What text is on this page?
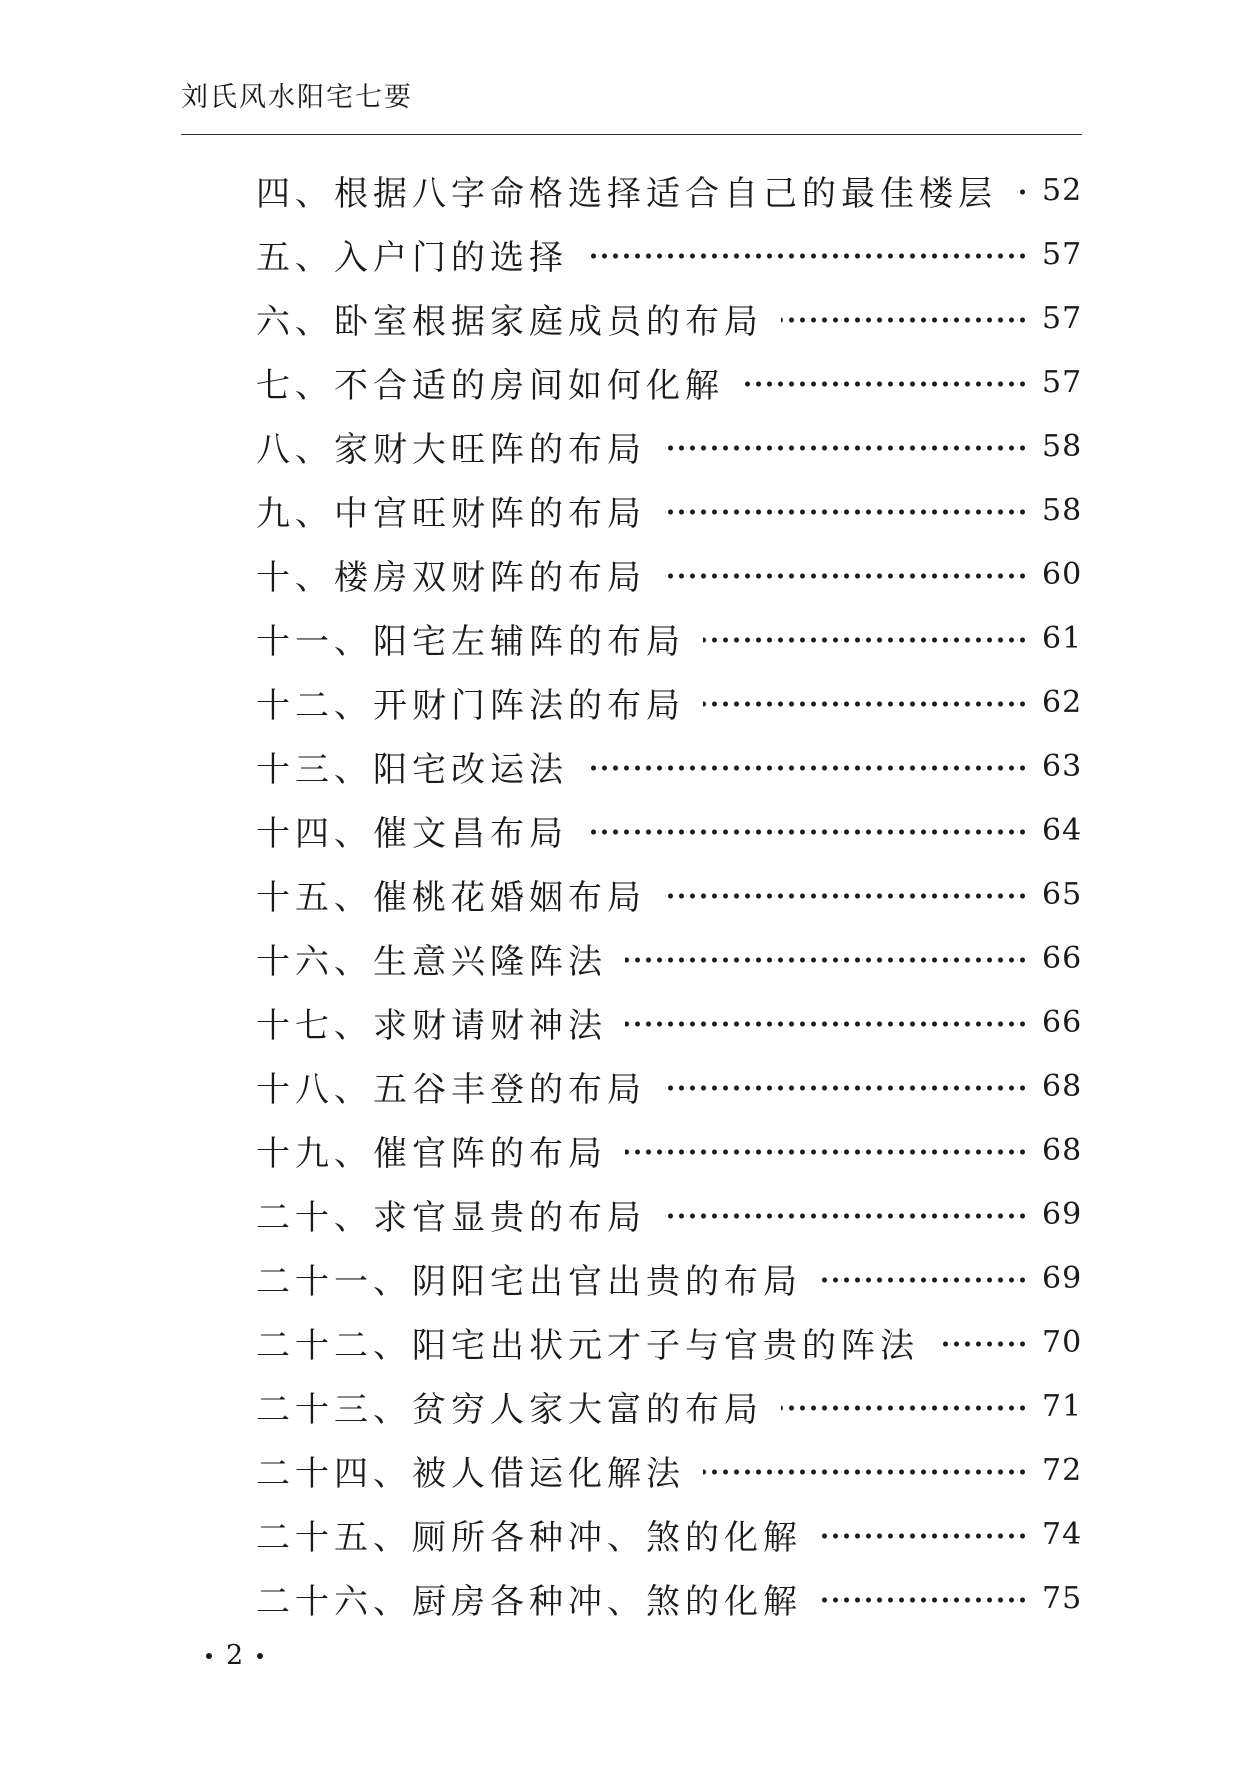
刘氏风水阳宅七要
四、根据八字命格选择适合自己的最佳楼层 52
五、入户门的选择	57
六、卧室根据家庭成员的布局	57
七、不合适的房间如何化解	57
八、家财大旺阵的布局	58
九、中宫旺财阵的布局	58
十、楼房双财阵的布局	60
十一、阳宅左辅阵的布局	61
十二、开财门阵法的布局	62
十三、阳宅改运法	63
十四、催文昌布局	64
十五、催桃花婚姻布局	65
十六、生意兴隆阵法	66
十七、求财请财神法	66
十八、五谷丰登的布局	68
十九、催官阵的布局	68
二十、求官显贵的布局	69
二十一、阴阳宅出官出贵的布局	69
二十二、阳宅出状元才子与官贵的阵法	70
二十三、贫穷人家大富的布局	71
二十四、被人借运化解法	72
二十五、厕所各种冲、煞的化解	74
二十六、厨房各种冲、煞的化解	75
2
